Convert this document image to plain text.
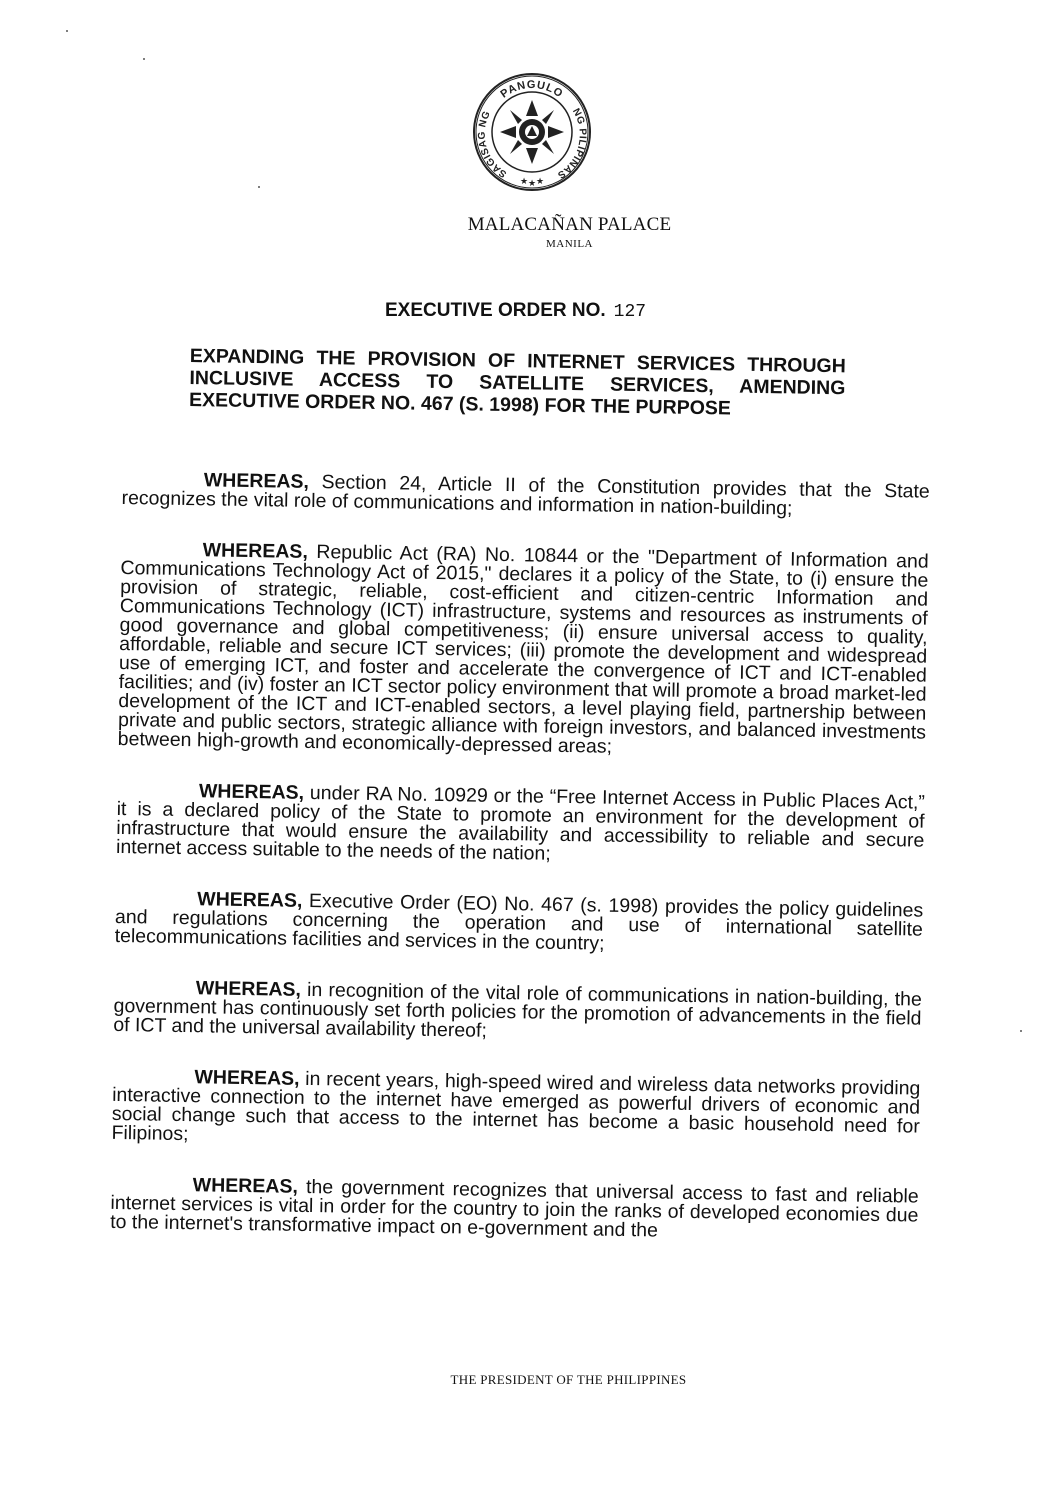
PANGULO
SAGISAG NG	NG PILIPINAS
★ ★ ★
MALACAÑAN PALACE
MANILA
EXECUTIVE ORDER NO. 127
EXPANDING THE PROVISION OF INTERNET SERVICES THROUGH INCLUSIVE ACCESS TO SATELLITE SERVICES, AMENDING EXECUTIVE ORDER NO. 467 (S. 1998) FOR THE PURPOSE

WHEREAS, Section 24, Article II of the Constitution provides that the State recognizes the vital role of communications and information in nation-building;

WHEREAS, Republic Act (RA) No. 10844 or the "Department of Information and Communications Technology Act of 2015," declares it a policy of the State, to (i) ensure the provision of strategic, reliable, cost-efficient and citizen-centric Information and Communications Technology (ICT) infrastructure, systems and resources as instruments of good governance and global competitiveness; (ii) ensure universal access to quality, affordable, reliable and secure ICT services; (iii) promote the development and widespread use of emerging ICT, and foster and accelerate the convergence of ICT and ICT-enabled facilities; and (iv) foster an ICT sector policy environment that will promote a broad market-led development of the ICT and ICT-enabled sectors, a level playing field, partnership between private and public sectors, strategic alliance with foreign investors, and balanced investments between high-growth and economically-depressed areas;

WHEREAS, under RA No. 10929 or the “Free Internet Access in Public Places Act,” it is a declared policy of the State to promote an environment for the development of infrastructure that would ensure the availability and accessibility to reliable and secure internet access suitable to the needs of the nation;

WHEREAS, Executive Order (EO) No. 467 (s. 1998) provides the policy guidelines and regulations concerning the operation and use of international satellite telecommunications facilities and services in the country;

WHEREAS, in recognition of the vital role of communications in nation-building, the government has continuously set forth policies for the promotion of advancements in the field of ICT and the universal availability thereof;

WHEREAS, in recent years, high-speed wired and wireless data networks providing interactive connection to the internet have emerged as powerful drivers of economic and social change such that access to the internet has become a basic household need for Filipinos;

WHEREAS, the government recognizes that universal access to fast and reliable internet services is vital in order for the country to join the ranks of developed economies due to the internet's transformative impact on e-government and the

THE PRESIDENT OF THE PHILIPPINES
